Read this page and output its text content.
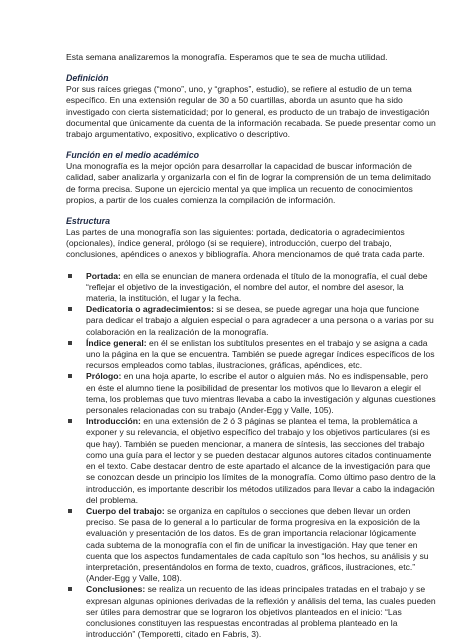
Esta semana analizaremos la monografía. Esperamos que te sea de mucha utilidad.

Definición

Por sus raíces griegas (“mono”, uno, y “graphos”, estudio), se refiere al estudio de un tema específico. En una extensión regular de 30 a 50 cuartillas, aborda un asunto que ha sido investigado con cierta sistematicidad; por lo general, es producto de un trabajo de investigación documental que únicamente da cuenta de la información recabada. Se puede presentar como un trabajo argumentativo, expositivo, explicativo o descriptivo.

Función en el medio académico

Una monografía es la mejor opción para desarrollar la capacidad de buscar información de calidad, saber analizarla y organizarla con el fin de lograr la comprensión de un tema delimitado de forma precisa. Supone un ejercicio mental ya que implica un recuento de conocimientos propios, a partir de los cuales comienza la compilación de información.

Estructura

Las partes de una monografía son las siguientes: portada, dedicatoria o agradecimientos (opcionales), índice general, prólogo (si se requiere), introducción, cuerpo del trabajo, conclusiones, apéndices o anexos y bibliografía. Ahora mencionamos de qué trata cada parte.

Portada: en ella se enuncian de manera ordenada el título de la monografía, el cual debe “reflejar el objetivo de la investigación, el nombre del autor, el nombre del asesor, la materia, la institución, el lugar y la fecha.
Dedicatoria o agradecimientos: si se desea, se puede agregar una hoja que funcione para dedicar el trabajo a alguien especial o para agradecer a una persona o a varias por su colaboración en la realización de la monografía.
Índice general: en él se enlistan los subtítulos presentes en el trabajo y se asigna a cada uno la página en la que se encuentra. También se puede agregar índices específicos de los recursos empleados como tablas, ilustraciones, gráficas, apéndices, etc.
Prólogo: en una hoja aparte, lo escribe el autor o alguien más. No es indispensable, pero en éste el alumno tiene la posibilidad de presentar los motivos que lo llevaron a elegir el tema, los problemas que tuvo mientras llevaba a cabo la investigación y algunas cuestiones personales relacionadas con su trabajo (Ander-Egg y Valle, 105).
Introducción: en una extensión de 2 ó 3 páginas se plantea el tema, la problemática a exponer y su relevancia, el objetivo específico del trabajo y los objetivos particulares (si es que hay). También se pueden mencionar, a manera de síntesis, las secciones del trabajo como una guía para el lector y se pueden destacar algunos autores citados continuamente en el texto. Cabe destacar dentro de este apartado el alcance de la investigación para que se conozcan desde un principio los límites de la monografía. Como último paso dentro de la introducción, es importante describir los métodos utilizados para llevar a cabo la indagación del problema.
Cuerpo del trabajo: se organiza en capítulos o secciones que deben llevar un orden preciso. Se pasa de lo general a lo particular de forma progresiva en la exposición de la evaluación y presentación de los datos. Es de gran importancia relacionar lógicamente cada subtema de la monografía con el fin de unificar la investigación. Hay que tener en cuenta que los aspectos fundamentales de cada capítulo son “los hechos, su análisis y su interpretación, presentándolos en forma de texto, cuadros, gráficos, ilustraciones, etc.” (Ander-Egg y Valle, 108).
Conclusiones: se realiza un recuento de las ideas principales tratadas en el trabajo y se expresan algunas opiniones derivadas de la reflexión y análisis del tema, las cuales pueden ser útiles para demostrar que se lograron los objetivos planteados en el inicio: “Las conclusiones constituyen las respuestas encontradas al problema planteado en la introducción” (Temporetti, citado en Fabris, 3).
